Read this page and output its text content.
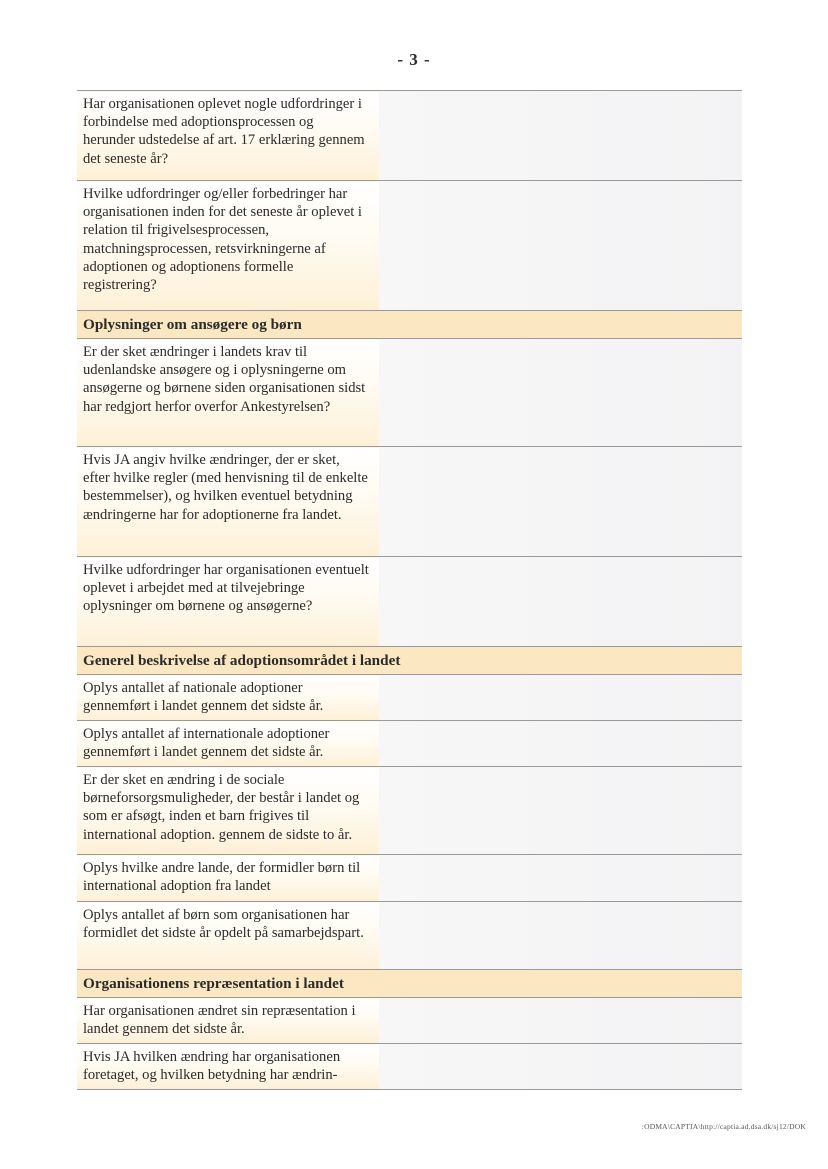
- 3 -
Har organisationen oplevet nogle udfordringer i forbindelse med adoptionsprocessen og herunder udstedelse af art. 17 erklæring gennem det seneste år?	

Hvilke udfordringer og/eller forbedringer har organisationen inden for det seneste år oplevet i relation til frigivelsesprocessen, matchningsprocessen, retsvirkningerne af adoptionen og adoptionens formelle registrering?	

Oplysninger om ansøgere og børn	

Er der sket ændringer i landets krav til udenlandske ansøgere og i oplysningerne om ansøgerne og børnene siden organisationen sidst har redgjort herfor overfor Ankestyrelsen?	

Hvis JA angiv hvilke ændringer, der er sket, efter hvilke regler (med henvisning til de enkelte bestemmelser), og hvilken eventuel betydning ændringerne har for adoptionerne fra landet.	

Hvilke udfordringer har organisationen eventuelt oplevet i arbejdet med at tilvejebringe oplysninger om børnene og ansøgerne?	

Generel beskrivelse af adoptionsområdet i landet	

Oplys antallet af nationale adoptioner gennemført i landet gennem det sidste år.	

Oplys antallet af internationale adoptioner gennemført i landet gennem det sidste år.	

Er der sket en ændring i de sociale børneforsorgsmuligheder, der består i landet og som er afsøgt, inden et barn frigives til international adoption. gennem de sidste to år.	

Oplys hvilke andre lande, der formidler børn til international adoption fra landet	

Oplys antallet af børn som organisationen har formidlet det sidste år opdelt på samarbejdspart.	

Organisationens repræsentation i landet	

Har organisationen ændret sin repræsentation i landet gennem det sidste år.	

Hvis JA hvilken ændring har organisationen foretaget, og hvilken betydning har ændrin-	

:ODMA\CAPTIA\http://captia.ad.dsa.dk/sj12/DOK
